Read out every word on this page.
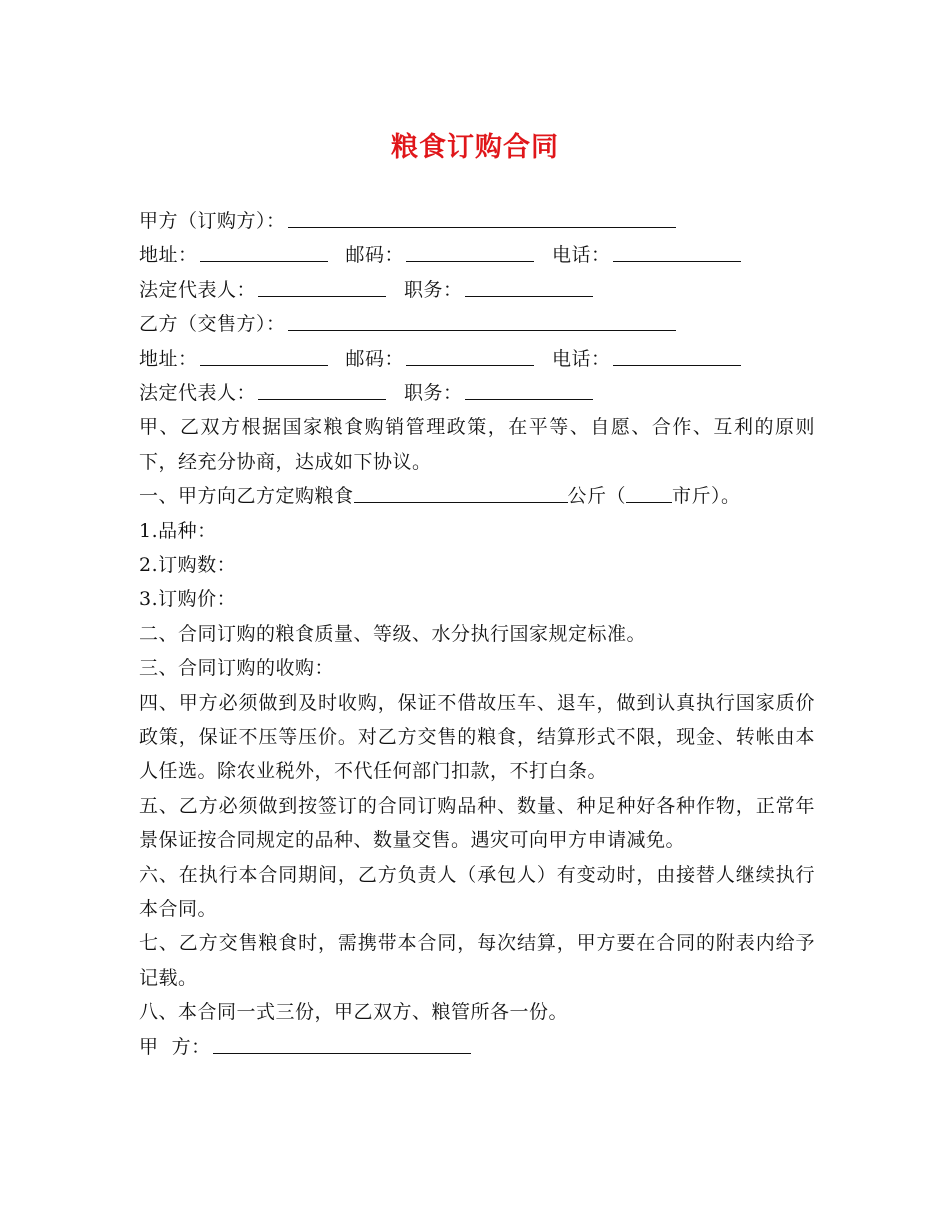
粮食订购合同
甲方（订购方）：
地址：	邮码：	电话：
法定代表人：	职务：
乙方（交售方）：
地址：	邮码：	电话：
法定代表人：	职务：
甲、乙双方根据国家粮食购销管理政策，在平等、自愿、合作、互利的原则下，经充分协商，达成如下协议。
一、甲方向乙方定购粮食	公斤（ 市斤）。
1.品种：
2.订购数：
3.订购价：
二、合同订购的粮食质量、等级、水分执行国家规定标准。
三、合同订购的收购：
四、甲方必须做到及时收购，保证不借故压车、退车，做到认真执行国家质价政策，保证不压等压价。对乙方交售的粮食，结算形式不限，现金、转帐由本人任选。除农业税外，不代任何部门扣款，不打白条。
五、乙方必须做到按签订的合同订购品种、数量、种足种好各种作物，正常年景保证按合同规定的品种、数量交售。遇灾可向甲方申请减免。
六、在执行本合同期间，乙方负责人（承包人）有变动时，由接替人继续执行本合同。
七、乙方交售粮食时，需携带本合同，每次结算，甲方要在合同的附表内给予记载。
八、本合同一式三份，甲乙双方、粮管所各一份。
甲  方：
